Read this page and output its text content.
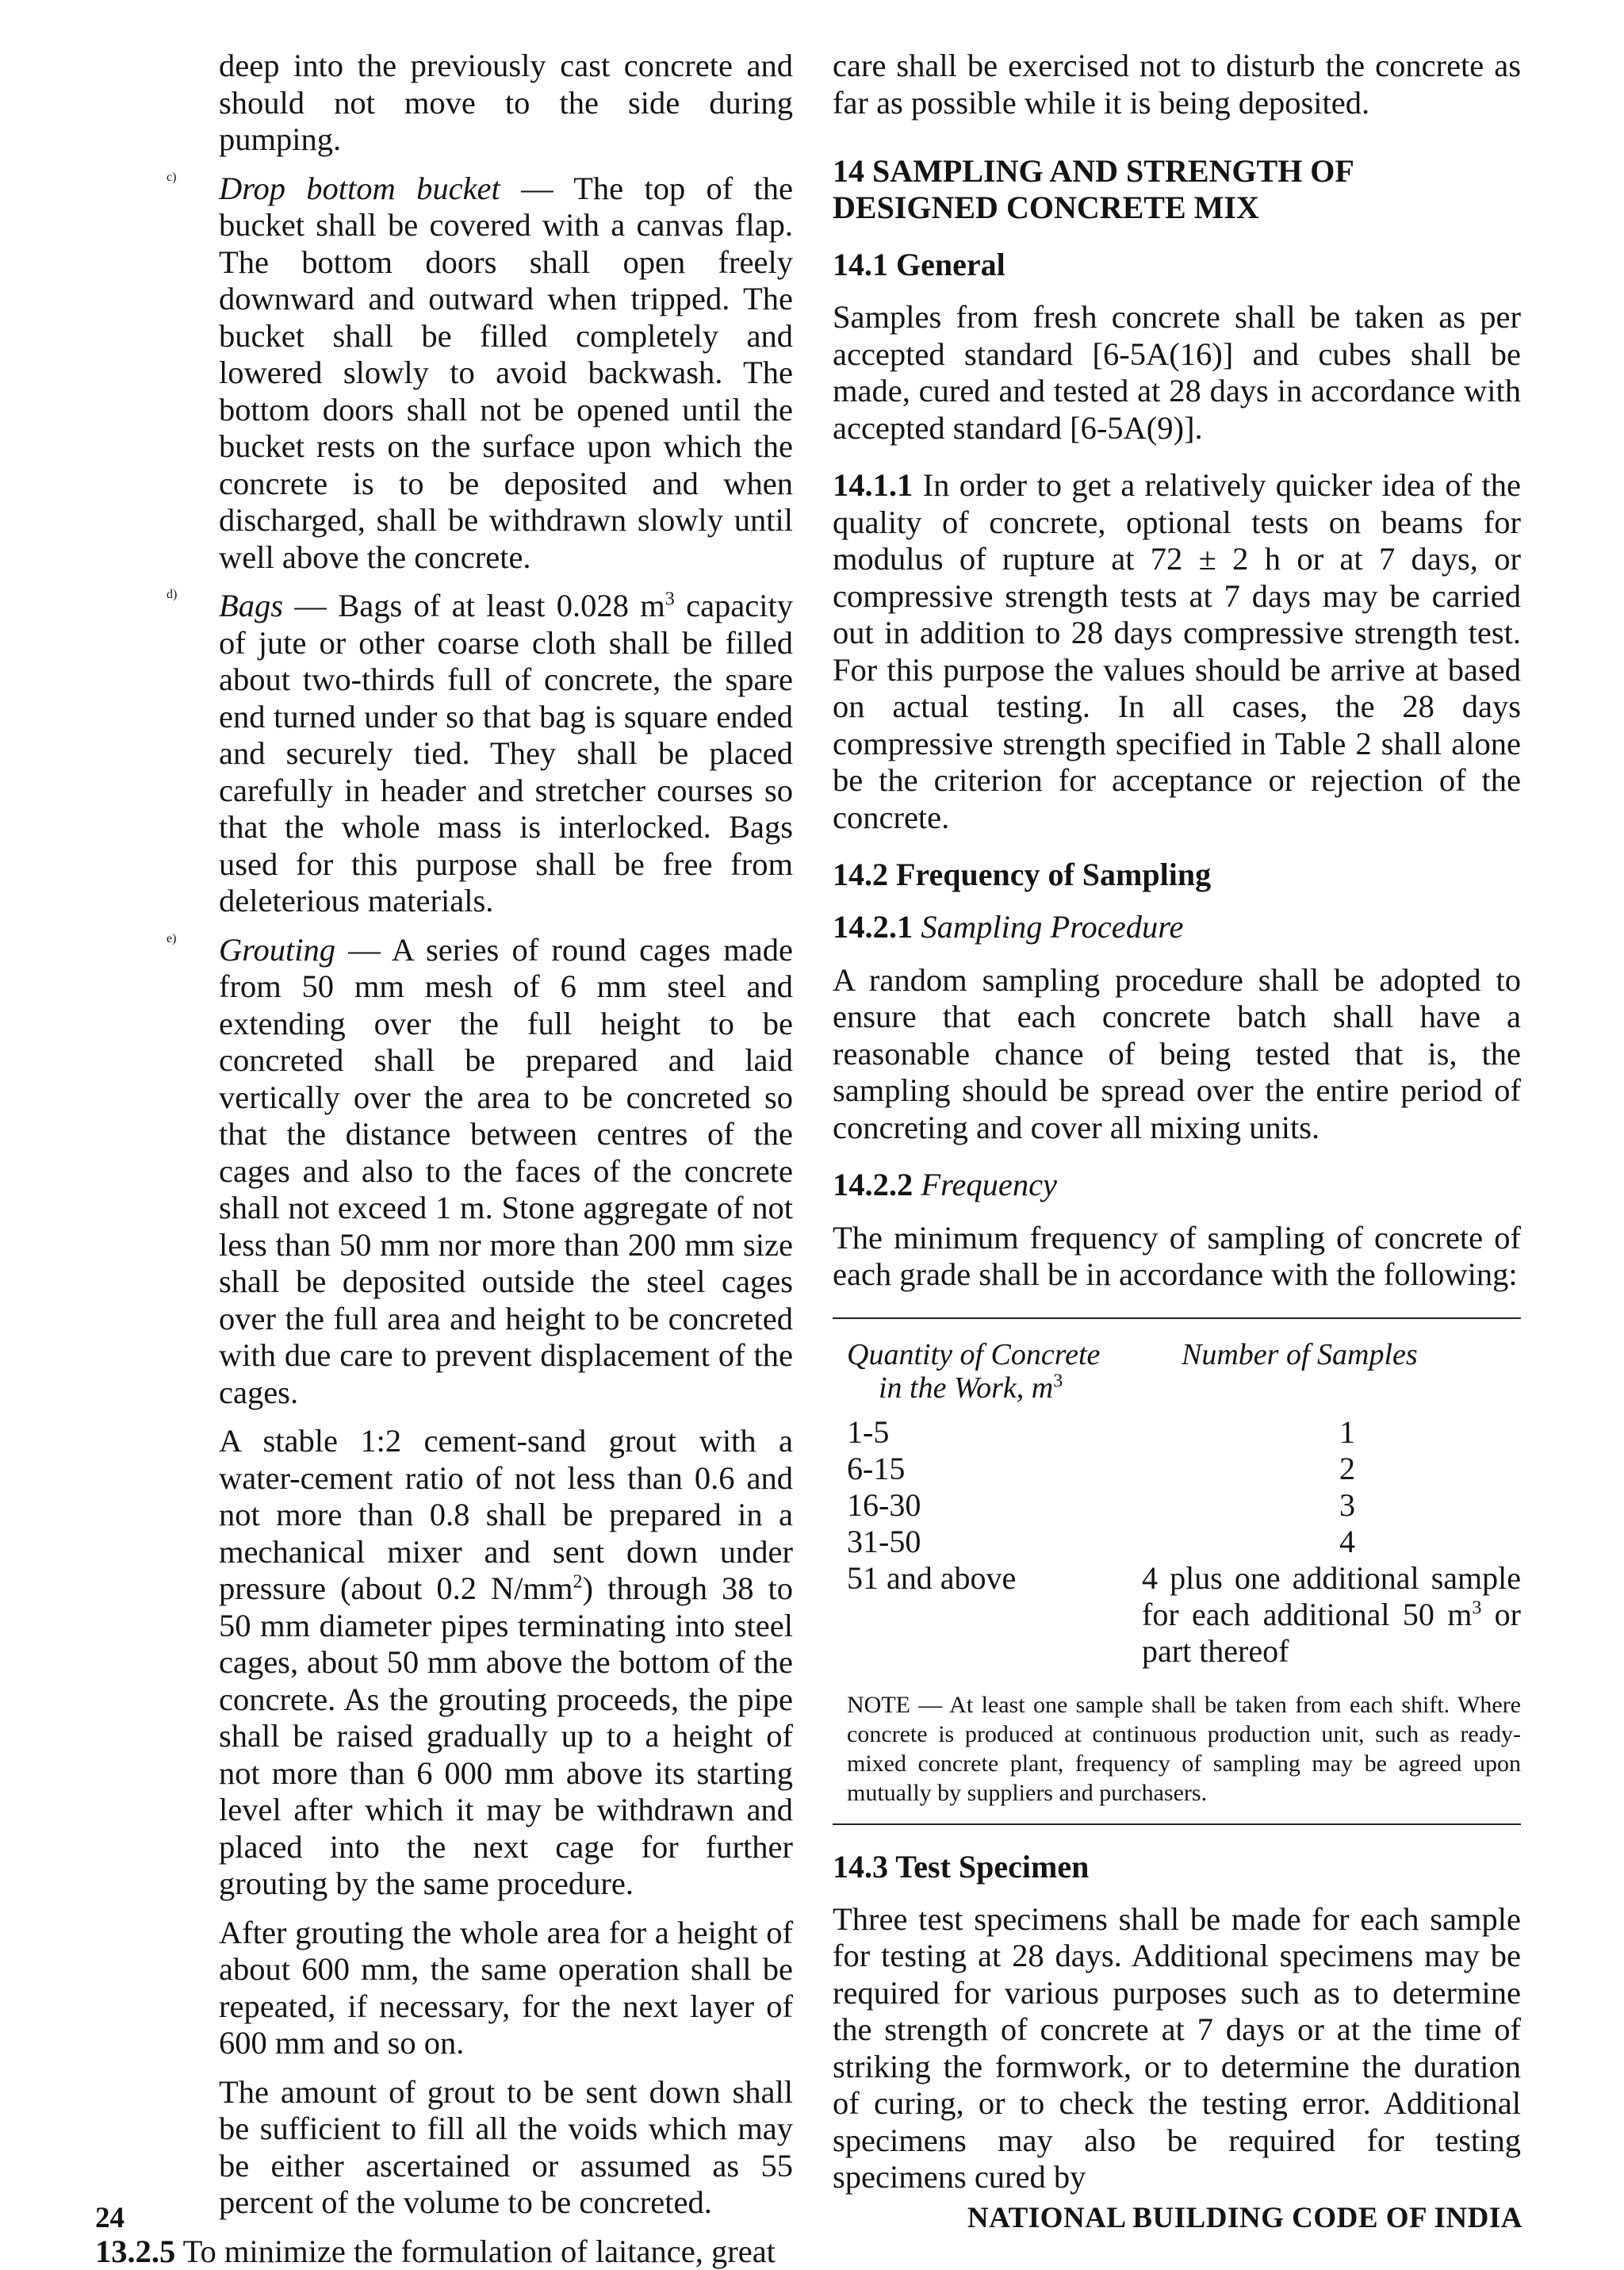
deep into the previously cast concrete and should not move to the side during pumping.

c) Drop bottom bucket — The top of the bucket shall be covered with a canvas flap. The bottom doors shall open freely downward and outward when tripped. The bucket shall be filled completely and lowered slowly to avoid backwash. The bottom doors shall not be opened until the bucket rests on the surface upon which the concrete is to be deposited and when discharged, shall be withdrawn slowly until well above the concrete.

d) Bags — Bags of at least 0.028 $m^3$ capacity of jute or other coarse cloth shall be filled about two-thirds full of concrete, the spare end turned under so that bag is square ended and securely tied. They shall be placed carefully in header and stretcher courses so that the whole mass is interlocked. Bags used for this purpose shall be free from deleterious materials.

e) Grouting — A series of round cages made from 50 mm mesh of 6 mm steel and extending over the full height to be concreted shall be prepared and laid vertically over the area to be concreted so that the distance between centres of the cages and also to the faces of the concrete shall not exceed 1 m. Stone aggregate of not less than 50 mm nor more than 200 mm size shall be deposited outside the steel cages over the full area and height to be concreted with due care to prevent displacement of the cages.

A stable 1:2 cement-sand grout with a water-cement ratio of not less than 0.6 and not more than 0.8 shall be prepared in a mechanical mixer and sent down under pressure (about 0.2 $N/mm^2$) through 38 to 50 mm diameter pipes terminating into steel cages, about 50 mm above the bottom of the concrete. As the grouting proceeds, the pipe shall be raised gradually up to a height of not more than 6 000 mm above its starting level after which it may be withdrawn and placed into the next cage for further grouting by the same procedure.

After grouting the whole area for a height of about 600 mm, the same operation shall be repeated, if necessary, for the next layer of 600 mm and so on.

The amount of grout to be sent down shall be sufficient to fill all the voids which may be either ascertained or assumed as 55 percent of the volume to be concreted.

13.2.5 To minimize the formulation of laitance, great

care shall be exercised not to disturb the concrete as far as possible while it is being deposited.

14 SAMPLING AND STRENGTH OF DESIGNED CONCRETE MIX
14.1 General

Samples from fresh concrete shall be taken as per accepted standard [6-5A(16)] and cubes shall be made, cured and tested at 28 days in accordance with accepted standard [6-5A(9)].

14.1.1 In order to get a relatively quicker idea of the quality of concrete, optional tests on beams for modulus of rupture at 72 ± 2 h or at 7 days, or compressive strength tests at 7 days may be carried out in addition to 28 days compressive strength test. For this purpose the values should be arrive at based on actual testing. In all cases, the 28 days compressive strength specified in Table 2 shall alone be the criterion for acceptance or rejection of the concrete.

14.2 Frequency of Sampling

14.2.1 Sampling Procedure

A random sampling procedure shall be adopted to ensure that each concrete batch shall have a reasonable chance of being tested that is, the sampling should be spread over the entire period of concreting and cover all mixing units.

14.2.2 Frequency

The minimum frequency of sampling of concrete of each grade shall be in accordance with the following:

Quantity of Concrete
in the Work, $m^3$
Number of Samples
1-5	1
6-15	2
16-30	3
31-50	4
51 and above	4 plus one additional sample for each additional 50 $m^3$ or part thereof

NOTE — At least one sample shall be taken from each shift. Where concrete is produced at continuous production unit, such as ready-mixed concrete plant, frequency of sampling may be agreed upon mutually by suppliers and purchasers.

14.3 Test Specimen

Three test specimens shall be made for each sample for testing at 28 days. Additional specimens may be required for various purposes such as to determine the strength of concrete at 7 days or at the time of striking the formwork, or to determine the duration of curing, or to check the testing error. Additional specimens may also be required for testing specimens cured by

24	NATIONAL BUILDING CODE OF INDIA
